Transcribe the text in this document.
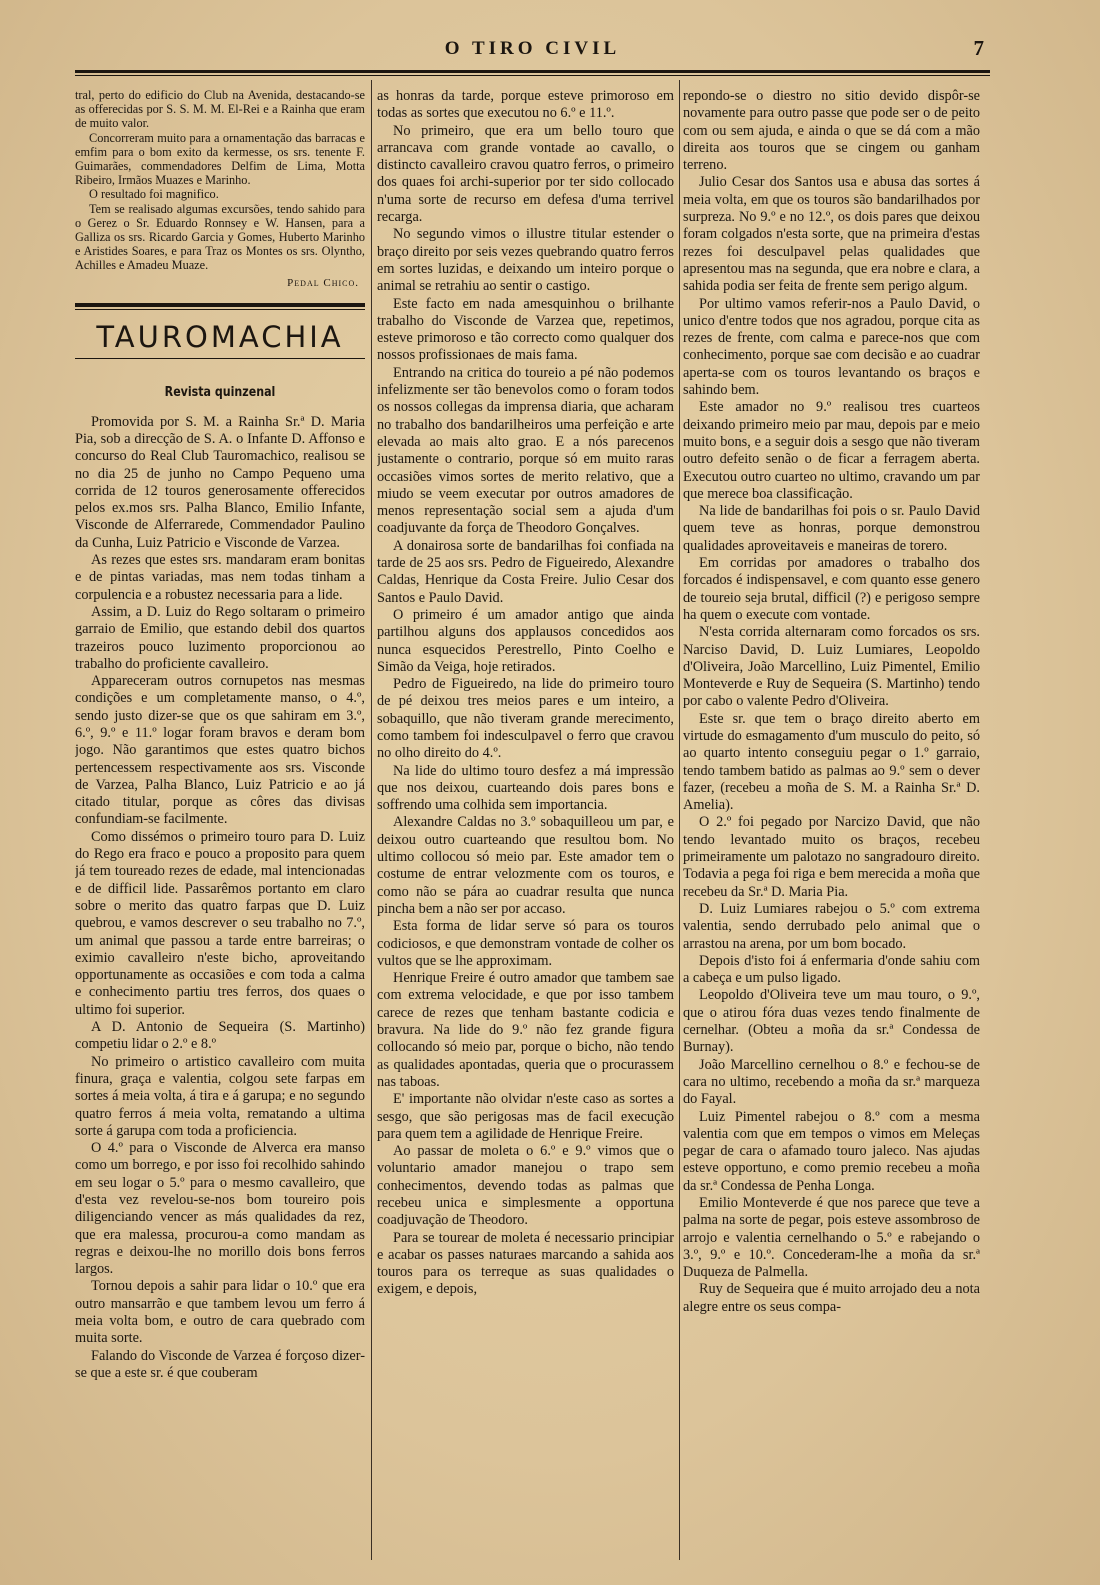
O TIRO CIVIL	7

tral, perto do edificio do Club na Avenida, destacando-se as offerecidas por S. S. M. M. El-Rei e a Rainha que eram de muito valor.

Concorreram muito para a ornamentação das barracas e emfim para o bom exito da kermesse, os srs. tenente F. Guimarães, commendadores Delfim de Lima, Motta Ribeiro, Irmãos Muazes e Marinho.

O resultado foi magnifico.

Tem se realisado algumas excursões, tendo sahido para o Gerez o Sr. Eduardo Ronnsey e W. Hansen, para a Galliza os srs. Ricardo Garcia y Gomes, Huberto Marinho e Aristides Soares, e para Traz os Montes os srs. Olyntho, Achilles e Amadeu Muaze.

Pedal Chico.
TAUROMACHIA
Revista quinzenal

Promovida por S. M. a Rainha Sr.ª D. Maria Pia, sob a direcção de S. A. o Infante D. Affonso e concurso do Real Club Tauromachico, realisou se no dia 25 de junho no Campo Pequeno uma corrida de 12 touros generosamente offerecidos pelos ex.mos srs. Palha Blanco, Emilio Infante, Visconde de Alferrarede, Commendador Paulino da Cunha, Luiz Patricio e Visconde de Varzea.

As rezes que estes srs. mandaram eram bonitas e de pintas variadas, mas nem todas tinham a corpulencia e a robustez necessaria para a lide.

Assim, a D. Luiz do Rego soltaram o primeiro garraio de Emilio, que estando debil dos quartos trazeiros pouco luzimento proporcionou ao trabalho do proficiente cavalleiro.

Appareceram outros cornupetos nas mesmas condições e um completamente manso, o 4.º, sendo justo dizer-se que os que sahiram em 3.º, 6.º, 9.º e 11.º logar foram bravos e deram bom jogo. Não garantimos que estes quatro bichos pertencessem respectivamente aos srs. Visconde de Varzea, Palha Blanco, Luiz Patricio e ao já citado titular, porque as côres das divisas confundiam-se facilmente.

Como dissémos o primeiro touro para D. Luiz do Rego era fraco e pouco a proposito para quem já tem toureado rezes de edade, mal intencionadas e de difficil lide. Passarêmos portanto em claro sobre o merito das quatro farpas que D. Luiz quebrou, e vamos descrever o seu trabalho no 7.º, um animal que passou a tarde entre barreiras; o eximio cavalleiro n'este bicho, aproveitando opportunamente as occasiões e com toda a calma e conhecimento partiu tres ferros, dos quaes o ultimo foi superior.

A D. Antonio de Sequeira (S. Martinho) competiu lidar o 2.º e 8.º

No primeiro o artistico cavalleiro com muita finura, graça e valentia, colgou sete farpas em sortes á meia volta, á tira e á garupa; e no segundo quatro ferros á meia volta, rematando a ultima sorte á garupa com toda a proficiencia.

O 4.º para o Visconde de Alverca era manso como um borrego, e por isso foi recolhido sahindo em seu logar o 5.º para o mesmo cavalleiro, que d'esta vez revelou-se-nos bom toureiro pois diligenciando vencer as más qualidades da rez, que era malessa, procurou-a como mandam as regras e deixou-lhe no morillo dois bons ferros largos.

Tornou depois a sahir para lidar o 10.º que era outro mansarrão e que tambem levou um ferro á meia volta bom, e outro de cara quebrado com muita sorte.

Falando do Visconde de Varzea é forçoso dizer-se que a este sr. é que couberam

as honras da tarde, porque esteve primoroso em todas as sortes que executou no 6.º e 11.º.

No primeiro, que era um bello touro que arrancava com grande vontade ao cavallo, o distincto cavalleiro cravou quatro ferros, o primeiro dos quaes foi archi-superior por ter sido collocado n'uma sorte de recurso em defesa d'uma terrivel recarga.

No segundo vimos o illustre titular estender o braço direito por seis vezes quebrando quatro ferros em sortes luzidas, e deixando um inteiro porque o animal se retrahiu ao sentir o castigo.

Este facto em nada amesquinhou o brilhante trabalho do Visconde de Varzea que, repetimos, esteve primoroso e tão correcto como qualquer dos nossos profissionaes de mais fama.

Entrando na critica do toureio a pé não podemos infelizmente ser tão benevolos como o foram todos os nossos collegas da imprensa diaria, que acharam no trabalho dos bandarilheiros uma perfeição e arte elevada ao mais alto grao. E a nós parecenos justamente o contrario, porque só em muito raras occasiões vimos sortes de merito relativo, que a miudo se veem executar por outros amadores de menos representação social sem a ajuda d'um coadjuvante da força de Theodoro Gonçalves.

A donairosa sorte de bandarilhas foi confiada na tarde de 25 aos srs. Pedro de Figueiredo, Alexandre Caldas, Henrique da Costa Freire. Julio Cesar dos Santos e Paulo David.

O primeiro é um amador antigo que ainda partilhou alguns dos applausos concedidos aos nunca esquecidos Perestrello, Pinto Coelho e Simão da Veiga, hoje retirados.

Pedro de Figueiredo, na lide do primeiro touro de pé deixou tres meios pares e um inteiro, a sobaquillo, que não tiveram grande merecimento, como tambem foi indesculpavel o ferro que cravou no olho direito do 4.º.

Na lide do ultimo touro desfez a má impressão que nos deixou, cuarteando dois pares bons e soffrendo uma colhida sem importancia.

Alexandre Caldas no 3.º sobaquilleou um par, e deixou outro cuarteando que resultou bom. No ultimo collocou só meio par. Este amador tem o costume de entrar velozmente com os touros, e como não se pára ao cuadrar resulta que nunca pincha bem a não ser por accaso.

Esta forma de lidar serve só para os touros codiciosos, e que demonstram vontade de colher os vultos que se lhe approximam.

Henrique Freire é outro amador que tambem sae com extrema velocidade, e que por isso tambem carece de rezes que tenham bastante codicia e bravura. Na lide do 9.º não fez grande figura collocando só meio par, porque o bicho, não tendo as qualidades apontadas, queria que o procurassem nas taboas.

E' importante não olvidar n'este caso as sortes a sesgo, que são perigosas mas de facil execução para quem tem a agilidade de Henrique Freire.

Ao passar de moleta o 6.º e 9.º vimos que o voluntario amador manejou o trapo sem conhecimentos, devendo todas as palmas que recebeu unica e simplesmente a opportuna coadjuvação de Theodoro.

Para se tourear de moleta é necessario principiar e acabar os passes naturaes marcando a sahida aos touros para os terreque as suas qualidades o exigem, e depois,

repondo-se o diestro no sitio devido dispôr-se novamente para outro passe que pode ser o de peito com ou sem ajuda, e ainda o que se dá com a mão direita aos touros que se cingem ou ganham terreno.

Julio Cesar dos Santos usa e abusa das sortes á meia volta, em que os touros são bandarilhados por surpreza. No 9.º e no 12.º, os dois pares que deixou foram colgados n'esta sorte, que na primeira d'estas rezes foi desculpavel pelas qualidades que apresentou mas na segunda, que era nobre e clara, a sahida podia ser feita de frente sem perigo algum.

Por ultimo vamos referir-nos a Paulo David, o unico d'entre todos que nos agradou, porque cita as rezes de frente, com calma e parece-nos que com conhecimento, porque sae com decisão e ao cuadrar aperta-se com os touros levantando os braços e sahindo bem.

Este amador no 9.º realisou tres cuarteos deixando primeiro meio par mau, depois par e meio muito bons, e a seguir dois a sesgo que não tiveram outro defeito senão o de ficar a ferragem aberta. Executou outro cuarteo no ultimo, cravando um par que merece boa classificação.

Na lide de bandarilhas foi pois o sr. Paulo David quem teve as honras, porque demonstrou qualidades aproveitaveis e maneiras de torero.

Em corridas por amadores o trabalho dos forcados é indispensavel, e com quanto esse genero de toureio seja brutal, difficil (?) e perigoso sempre ha quem o execute com vontade.

N'esta corrida alternaram como forcados os srs. Narciso David, D. Luiz Lumiares, Leopoldo d'Oliveira, João Marcellino, Luiz Pimentel, Emilio Monteverde e Ruy de Sequeira (S. Martinho) tendo por cabo o valente Pedro d'Oliveira.

Este sr. que tem o braço direito aberto em virtude do esmagamento d'um musculo do peito, só ao quarto intento conseguiu pegar o 1.º garraio, tendo tambem batido as palmas ao 9.º sem o dever fazer, (recebeu a moña de S. M. a Rainha Sr.ª D. Amelia).

O 2.º foi pegado por Narcizo David, que não tendo levantado muito os braços, recebeu primeiramente um palotazo no sangradouro direito. Todavia a pega foi riga e bem merecida a moña que recebeu da Sr.ª D. Maria Pia.

D. Luiz Lumiares rabejou o 5.º com extrema valentia, sendo derrubado pelo animal que o arrastou na arena, por um bom bocado.

Depois d'isto foi á enfermaria d'onde sahiu com a cabeça e um pulso ligado.

Leopoldo d'Oliveira teve um mau touro, o 9.º, que o atirou fóra duas vezes tendo finalmente de cernelhar. (Obteu a moña da sr.ª Condessa de Burnay).

João Marcellino cernelhou o 8.º e fechou-se de cara no ultimo, recebendo a moña da sr.ª marqueza do Fayal.

Luiz Pimentel rabejou o 8.º com a mesma valentia com que em tempos o vimos em Meleças pegar de cara o afamado touro jaleco. Nas ajudas esteve opportuno, e como premio recebeu a moña da sr.ª Condessa de Penha Longa.

Emilio Monteverde é que nos parece que teve a palma na sorte de pegar, pois esteve assombroso de arrojo e valentia cernelhando o 5.º e rabejando o 3.º, 9.º e 10.º. Concederam-lhe a moña da sr.ª Duqueza de Palmella.

Ruy de Sequeira que é muito arrojado deu a nota alegre entre os seus compa-
